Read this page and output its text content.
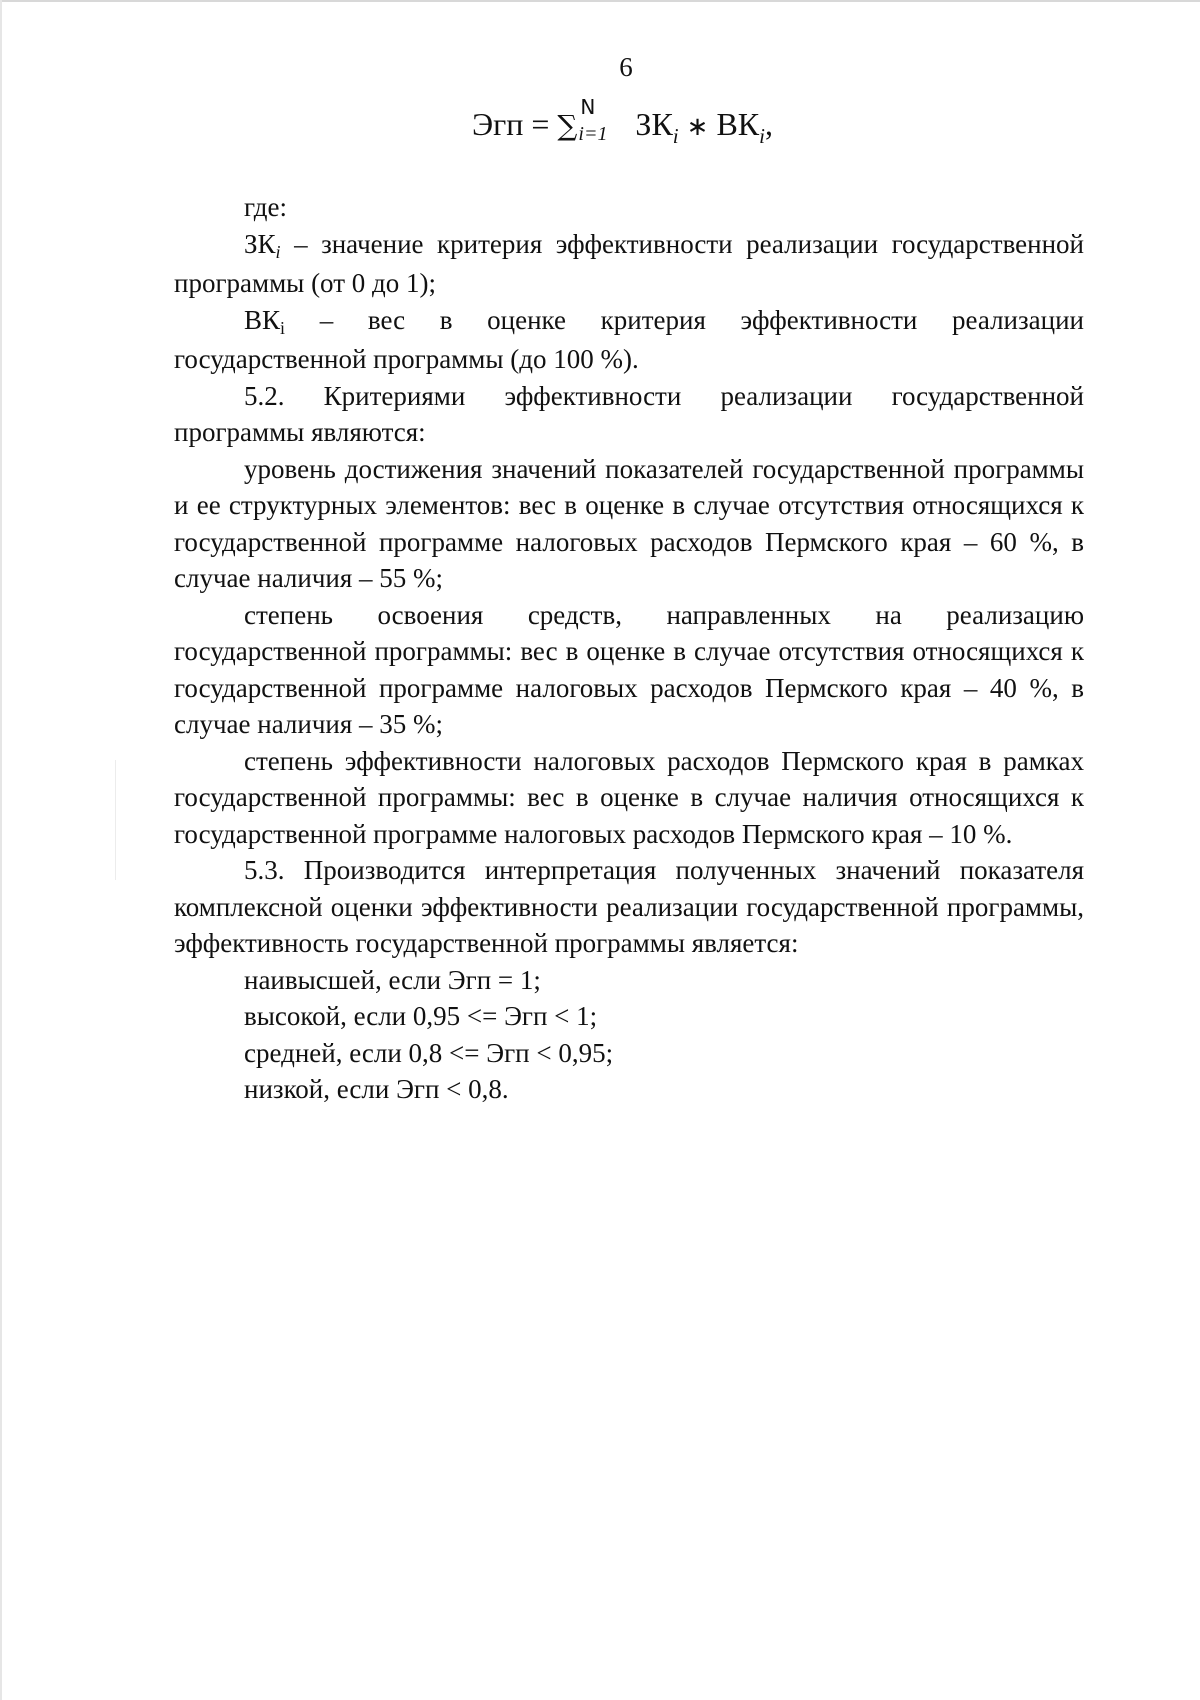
6
Эгп = ∑
N
i=1 $ЗК_i$ ∗ $ВК_i$,

где:

ЗКi – значение критерия эффективности реализации государственной программы (от 0 до 1);

ВКi – вес в оценке критерия эффективности реализации государственной программы (до 100 %).

5.2. Критериями эффективности реализации государственной программы являются:

уровень достижения значений показателей государственной программы и ее структурных элементов: вес в оценке в случае отсутствия относящихся к государственной программе налоговых расходов Пермского края – 60 %, в случае наличия – 55 %;

степень освоения средств, направленных на реализацию государственной программы: вес в оценке в случае отсутствия относящихся к государственной программе налоговых расходов Пермского края – 40 %, в случае наличия – 35 %;

степень эффективности налоговых расходов Пермского края в рамках государственной программы: вес в оценке в случае наличия относящихся к государственной программе налоговых расходов Пермского края – 10 %.

5.3. Производится интерпретация полученных значений показателя комплексной оценки эффективности реализации государственной программы, эффективность государственной программы является:

наивысшей, если Эгп = 1;

высокой, если 0,95 <= Эгп < 1;

средней, если 0,8 <= Эгп < 0,95;

низкой, если Эгп < 0,8.
